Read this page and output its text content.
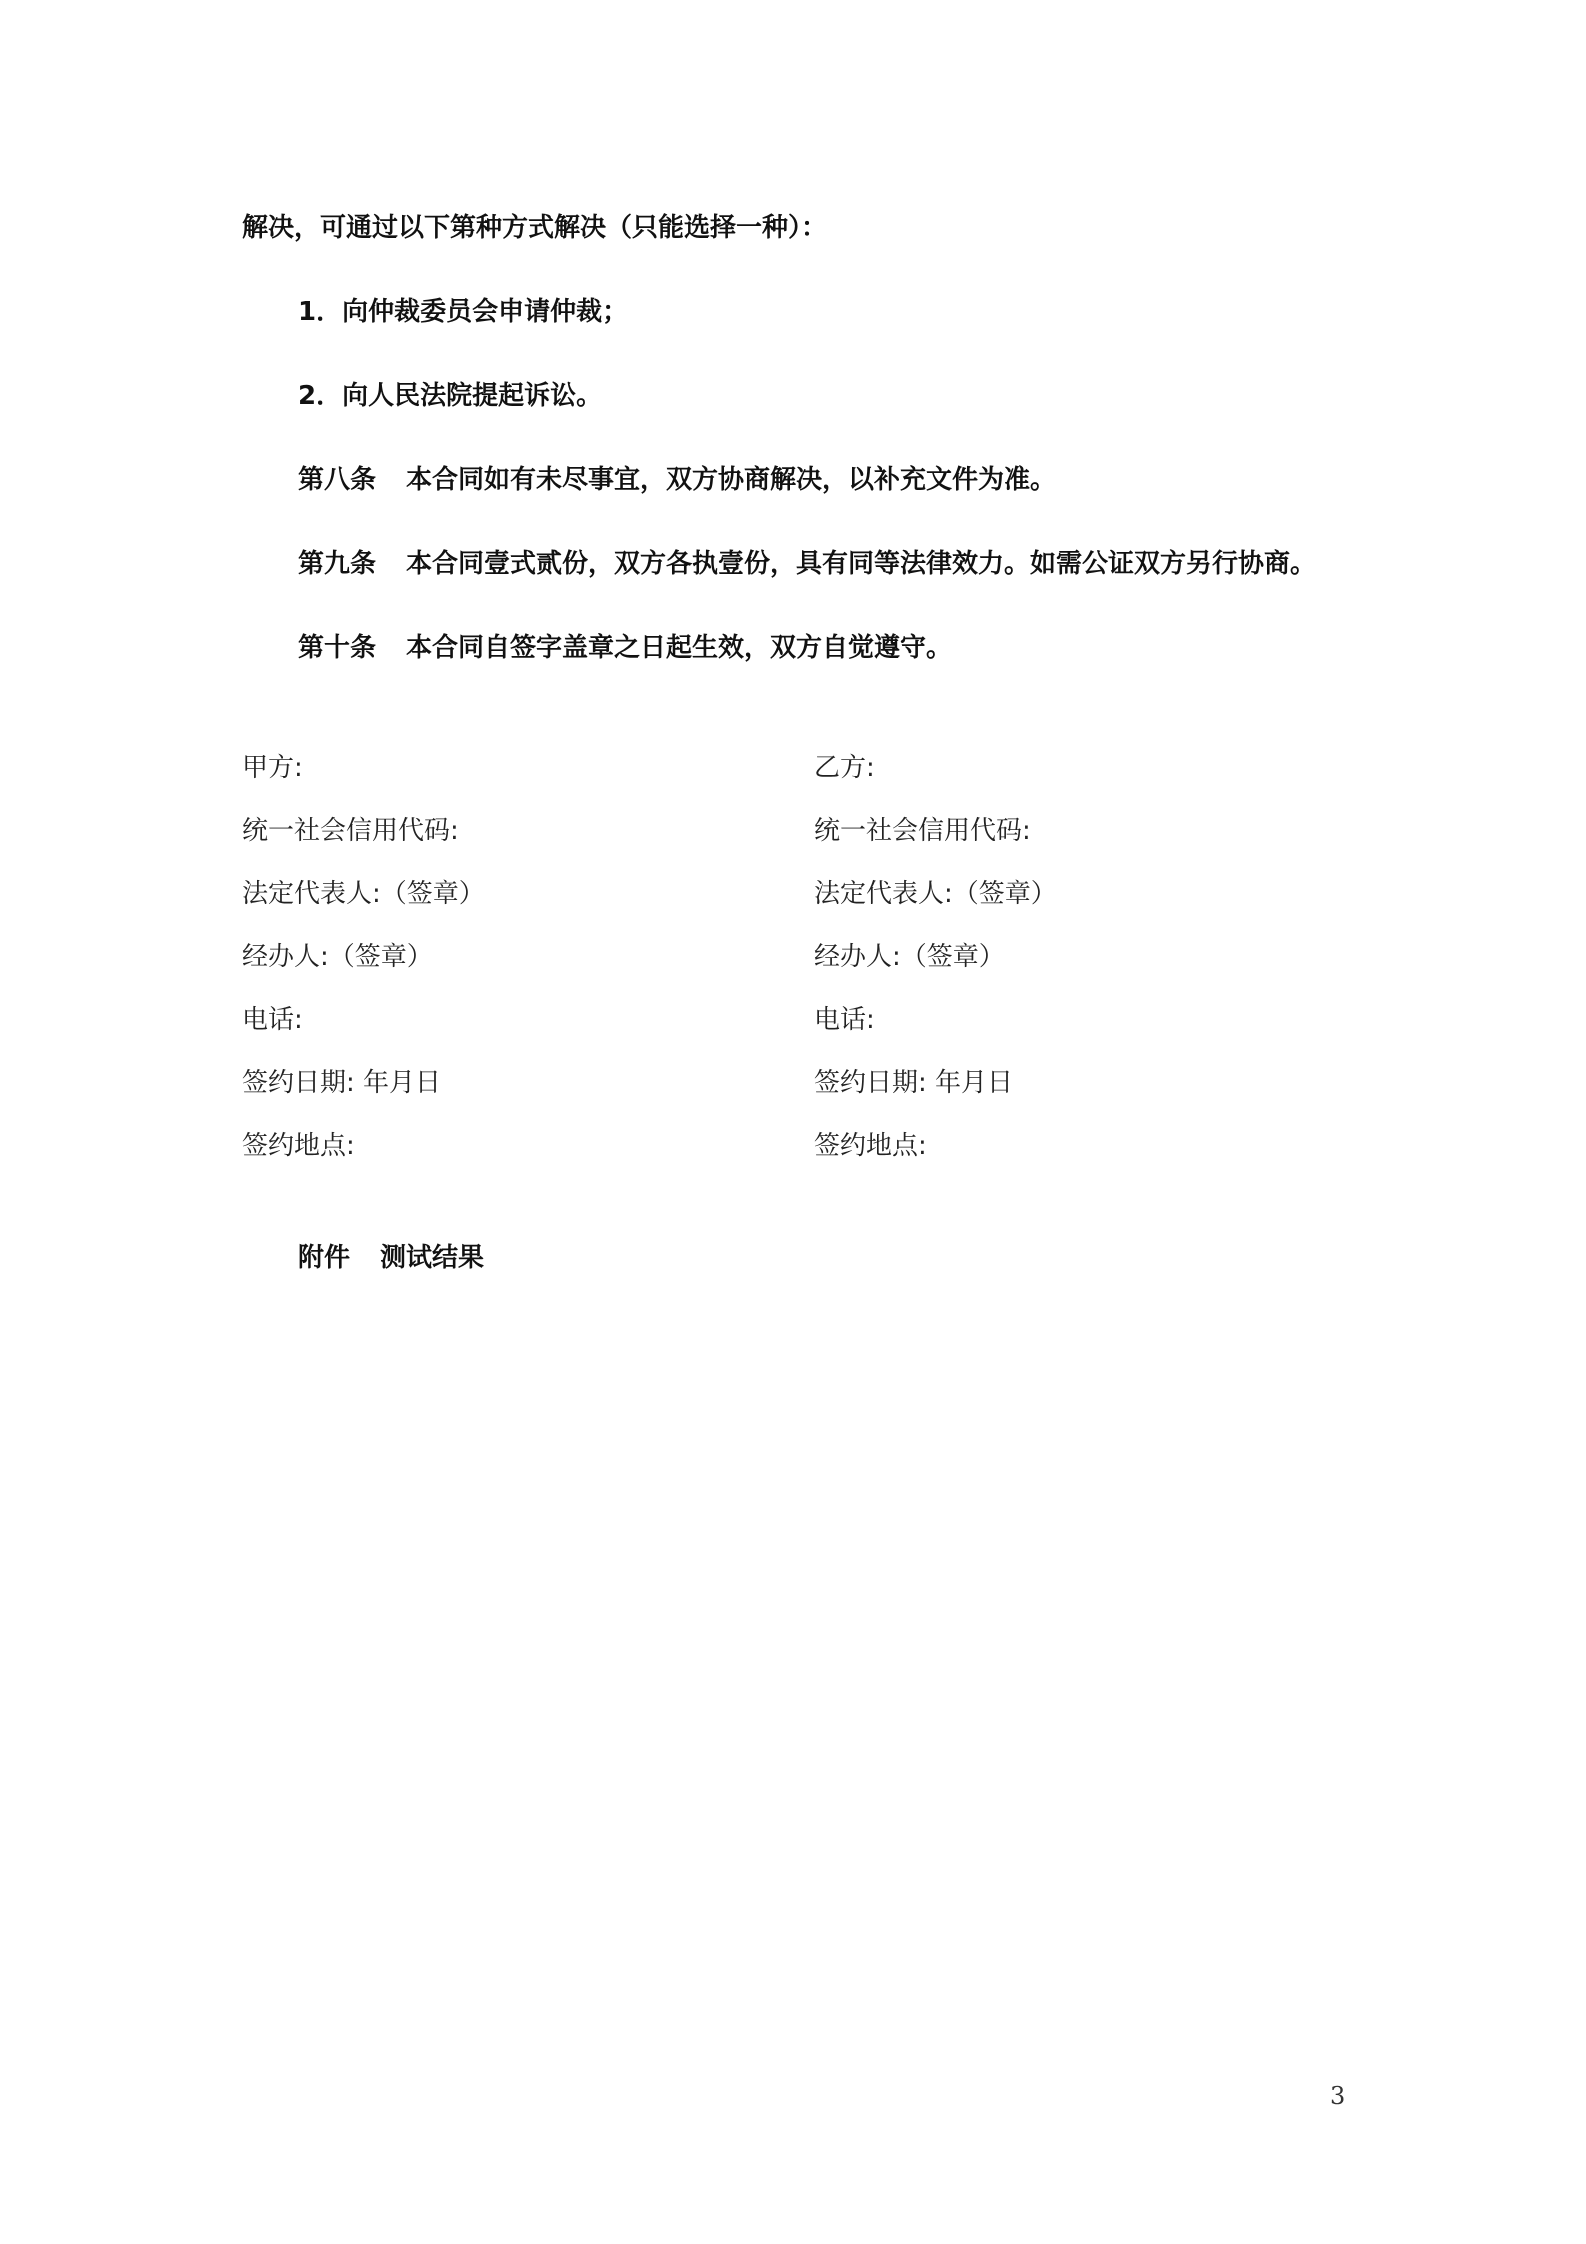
解决，可通过以下第种方式解决（只能选择一种）：
1．向仲裁委员会申请仲裁；
2．向人民法院提起诉讼。
第八条 本合同如有未尽事宜，双方协商解决，以补充文件为准。
第九条 本合同壹式贰份，双方各执壹份，具有同等法律效力。如需公证双方另行协商。
第十条 本合同自签字盖章之日起生效，双方自觉遵守。
甲方:
统一社会信用代码:
法定代表人:（签章）
经办人:（签章）
电话:
签约日期: 年月日
签约地点:
乙方:
统一社会信用代码:
法定代表人:（签章）
经办人:（签章）
电话:
签约日期: 年月日
签约地点:
附件 测试结果
3
